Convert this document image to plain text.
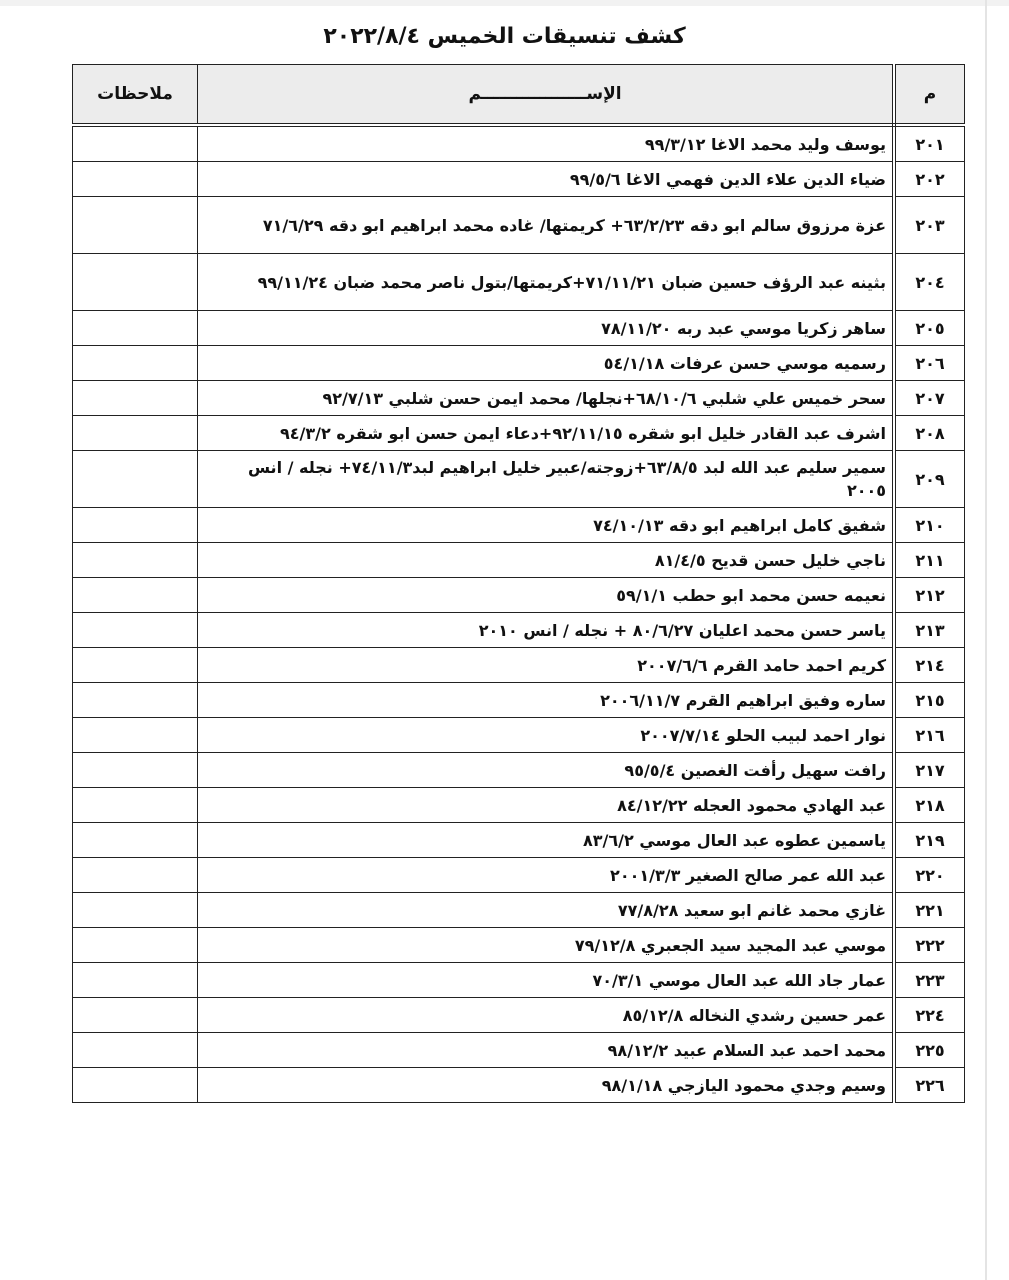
كشف تنسيقات الخميس ٢٠٢٢/٨/٤
م	الإســــــــــــــــــم	ملاحظات
٢٠١	يوسف وليد محمد الاغا ٩٩/٣/١٢	
٢٠٢	ضياء الدين علاء الدين فهمي الاغا ٩٩/٥/٦	
٢٠٣	عزة مرزوق سالم ابو دقه ٦٣/٢/٢٣+ كريمتها/ غاده محمد ابراهيم ابو دقه ٧١/٦/٢٩	
٢٠٤	بثينه عبد الرؤف حسين ضبان ٧١/١١/٢١+كريمتها/بتول ناصر محمد ضبان ٩٩/١١/٢٤	
٢٠٥	ساهر زكريا موسي عبد ربه ٧٨/١١/٢٠	
٢٠٦	رسميه موسي حسن عرفات ٥٤/١/١٨	
٢٠٧	سحر خميس علي شلبي ٦٨/١٠/٦+نجلها/ محمد ايمن حسن شلبي ٩٢/٧/١٣	
٢٠٨	اشرف عبد القادر خليل ابو شقره ٩٢/١١/١٥+دعاء ايمن حسن ابو شقره ٩٤/٣/٢	
٢٠٩	سمير سليم عبد الله لبد ٦٣/٨/٥+زوجته/عبير خليل ابراهيم لبد٧٤/١١/٣+ نجله / انس ٢٠٠٥	
٢١٠	شفيق كامل ابراهيم ابو دقه ٧٤/١٠/١٣	
٢١١	ناجي خليل حسن قديح ٨١/٤/٥	
٢١٢	نعيمه حسن محمد ابو حطب ٥٩/١/١	
٢١٣	ياسر حسن محمد اعليان ٨٠/٦/٢٧ + نجله / انس ٢٠١٠	
٢١٤	كريم احمد حامد القرم ٢٠٠٧/٦/٦	
٢١٥	ساره وفيق ابراهيم القرم ٢٠٠٦/١١/٧	
٢١٦	نوار احمد لبيب الحلو ٢٠٠٧/٧/١٤	
٢١٧	رافت سهيل رأفت الغصين ٩٥/٥/٤	
٢١٨	عبد الهادي محمود العجله ٨٤/١٢/٢٢	
٢١٩	ياسمين عطوه عبد العال موسي ٨٣/٦/٢	
٢٢٠	عبد الله عمر صالح الصغير ٢٠٠١/٣/٣	
٢٢١	غازي محمد غانم ابو سعيد ٧٧/٨/٢٨	
٢٢٢	موسي عبد المجيد سيد الجعبري ٧٩/١٢/٨	
٢٢٣	عمار جاد الله عبد العال موسي ٧٠/٣/١	
٢٢٤	عمر حسين رشدي النخاله ٨٥/١٢/٨	
٢٢٥	محمد احمد عبد السلام عبيد ٩٨/١٢/٢	
٢٢٦	وسيم وجدي محمود اليازجي ٩٨/١/١٨	
